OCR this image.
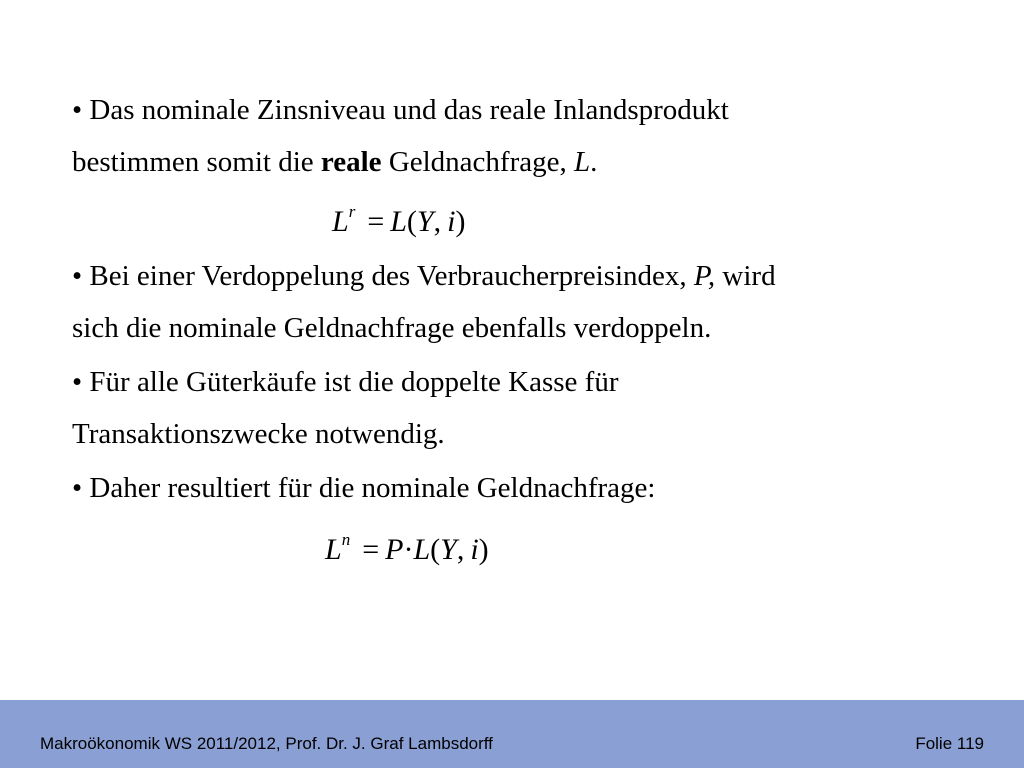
• Das nominale Zinsniveau und das reale Inlandsprodukt
bestimmen somit die reale Geldnachfrage, L.

$L^r = L(Y$, i)

• Bei einer Verdoppelung des Verbraucherpreisindex, P, wird
sich die nominale Geldnachfrage ebenfalls verdoppeln.

• Für alle Güterkäufe ist die doppelte Kasse für
Transaktionszwecke notwendig.

• Daher resultiert für die nominale Geldnachfrage:

$L^n = P\cdot L(Y$, i)
Makroökonomik WS 2011/2012, Prof. Dr. J. Graf Lambsdorff	Folie 119
